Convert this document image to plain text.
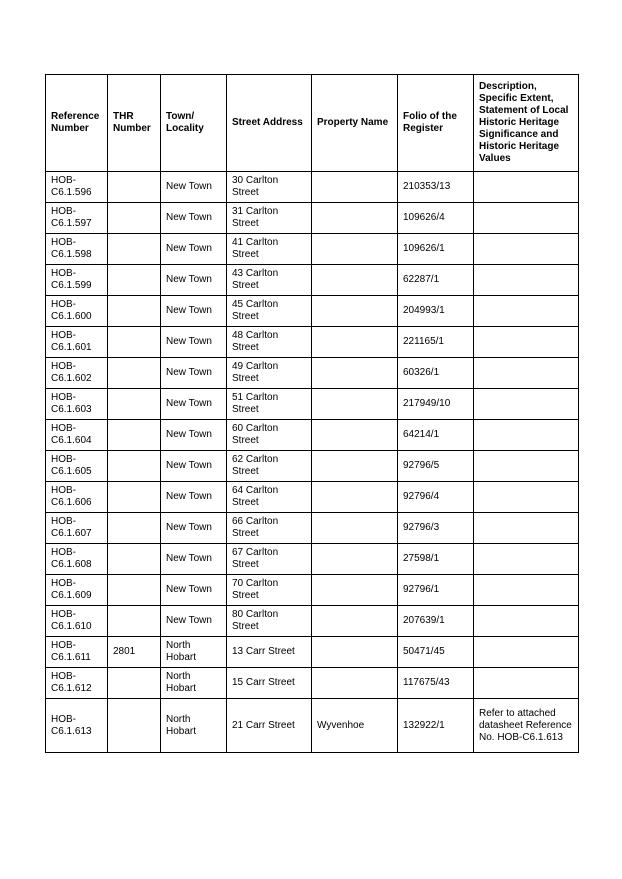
Reference Number	THR Number	Town/ Locality	Street Address	Property Name	Folio of the Register	Description, Specific Extent, Statement of Local Historic Heritage Significance and Historic Heritage Values
HOB-C6.1.596		New Town	30 Carlton Street		210353/13	
HOB-C6.1.597		New Town	31 Carlton Street		109626/4	
HOB-C6.1.598		New Town	41 Carlton Street		109626/1	
HOB-C6.1.599		New Town	43 Carlton Street		62287/1	
HOB-C6.1.600		New Town	45 Carlton Street		204993/1	
HOB-C6.1.601		New Town	48 Carlton Street		221165/1	
HOB-C6.1.602		New Town	49 Carlton Street		60326/1	
HOB-C6.1.603		New Town	51 Carlton Street		217949/10	
HOB-C6.1.604		New Town	60 Carlton Street		64214/1	
HOB-C6.1.605		New Town	62 Carlton Street		92796/5	
HOB-C6.1.606		New Town	64 Carlton Street		92796/4	
HOB-C6.1.607		New Town	66 Carlton Street		92796/3	
HOB-C6.1.608		New Town	67 Carlton Street		27598/1	
HOB-C6.1.609		New Town	70 Carlton Street		92796/1	
HOB-C6.1.610		New Town	80 Carlton Street		207639/1	
HOB-C6.1.611	2801	North Hobart	13 Carr Street		50471/45	
HOB-C6.1.612		North Hobart	15 Carr Street		117675/43	
HOB-C6.1.613		North Hobart	21 Carr Street	Wyvenhoe	132922/1	Refer to attached datasheet Reference No. HOB-C6.1.613
